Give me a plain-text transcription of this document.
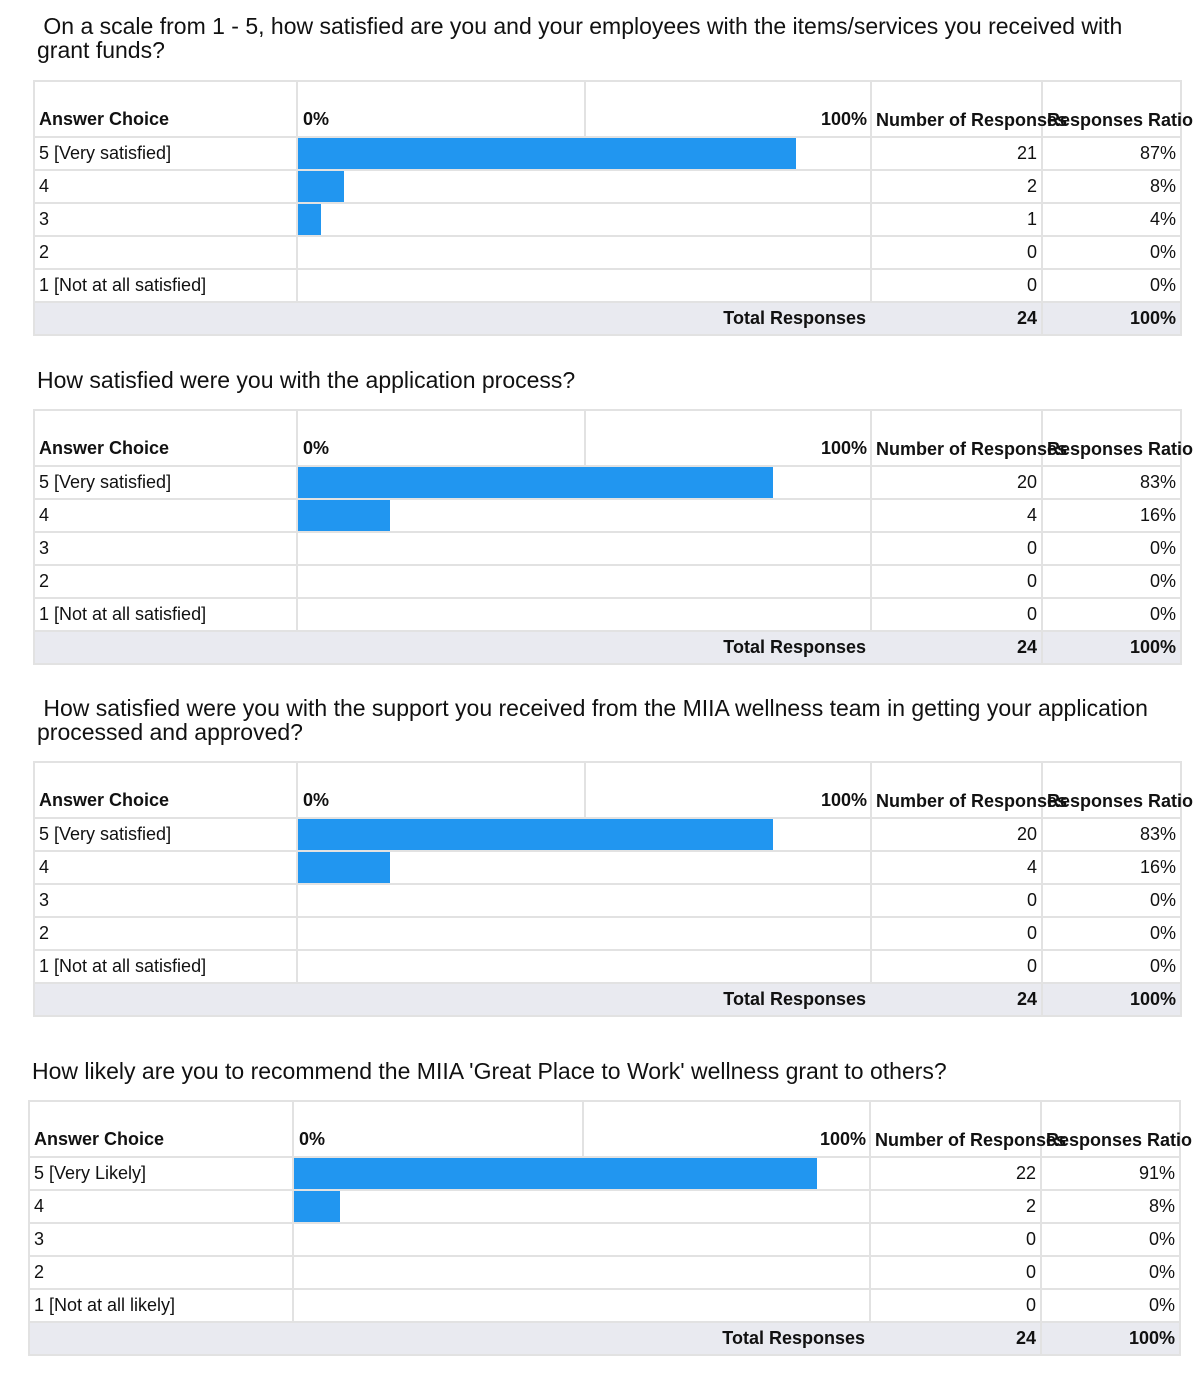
On a scale from 1 - 5, how satisfied are you and your employees with the items/services you received with grant funds?
Answer Choice	0% 100%	Number of Responses	Responses Ratio
5 [Very satisfied]		21	87%
4		2	8%
3		1	4%
2		0	0%
1 [Not at all satisfied]		0	0%
	Total Responses	24	100%
How satisfied were you with the application process?
Answer Choice	0% 100%	Number of Responses	Responses Ratio
5 [Very satisfied]		20	83%
4		4	16%
3		0	0%
2		0	0%
1 [Not at all satisfied]		0	0%
	Total Responses	24	100%
How satisfied were you with the support you received from the MIIA wellness team in getting your application processed and approved?
Answer Choice	0% 100%	Number of Responses	Responses Ratio
5 [Very satisfied]		20	83%
4		4	16%
3		0	0%
2		0	0%
1 [Not at all satisfied]		0	0%
	Total Responses	24	100%
How likely are you to recommend the MIIA 'Great Place to Work' wellness grant to others?
Answer Choice	0% 100%	Number of Responses	Responses Ratio
5 [Very Likely]		22	91%
4		2	8%
3		0	0%
2		0	0%
1 [Not at all likely]		0	0%
	Total Responses	24	100%
